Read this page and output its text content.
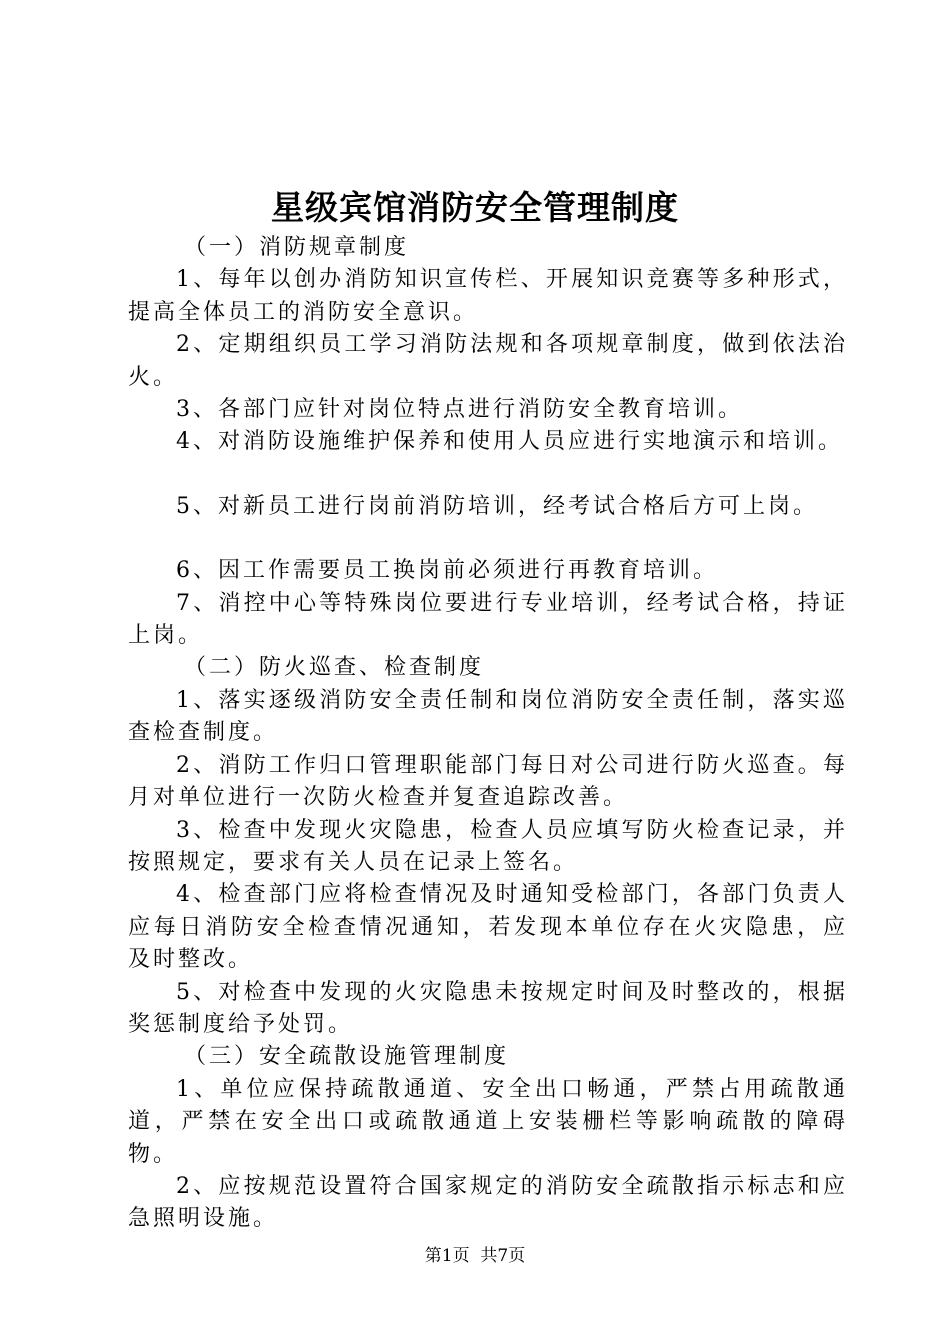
星级宾馆消防安全管理制度

（一）消防规章制度

1、每年以创办消防知识宣传栏、开展知识竞赛等多种形式，提高全体员工的消防安全意识。

2、定期组织员工学习消防法规和各项规章制度，做到依法治火。

3、各部门应针对岗位特点进行消防安全教育培训。

4、对消防设施维护保养和使用人员应进行实地演示和培训。

5、对新员工进行岗前消防培训，经考试合格后方可上岗。

6、因工作需要员工换岗前必须进行再教育培训。

7、消控中心等特殊岗位要进行专业培训，经考试合格，持证上岗。

（二）防火巡查、检查制度

1、落实逐级消防安全责任制和岗位消防安全责任制，落实巡查检查制度。

2、消防工作归口管理职能部门每日对公司进行防火巡查。每月对单位进行一次防火检查并复查追踪改善。

3、检查中发现火灾隐患，检查人员应填写防火检查记录，并按照规定，要求有关人员在记录上签名。

4、检查部门应将检查情况及时通知受检部门，各部门负责人应每日消防安全检查情况通知，若发现本单位存在火灾隐患，应及时整改。

5、对检查中发现的火灾隐患未按规定时间及时整改的，根据奖惩制度给予处罚。

（三）安全疏散设施管理制度

1、单位应保持疏散通道、安全出口畅通，严禁占用疏散通道，严禁在安全出口或疏散通道上安装栅栏等影响疏散的障碍物。

2、应按规范设置符合国家规定的消防安全疏散指示标志和应急照明设施。

第1页  共7页
